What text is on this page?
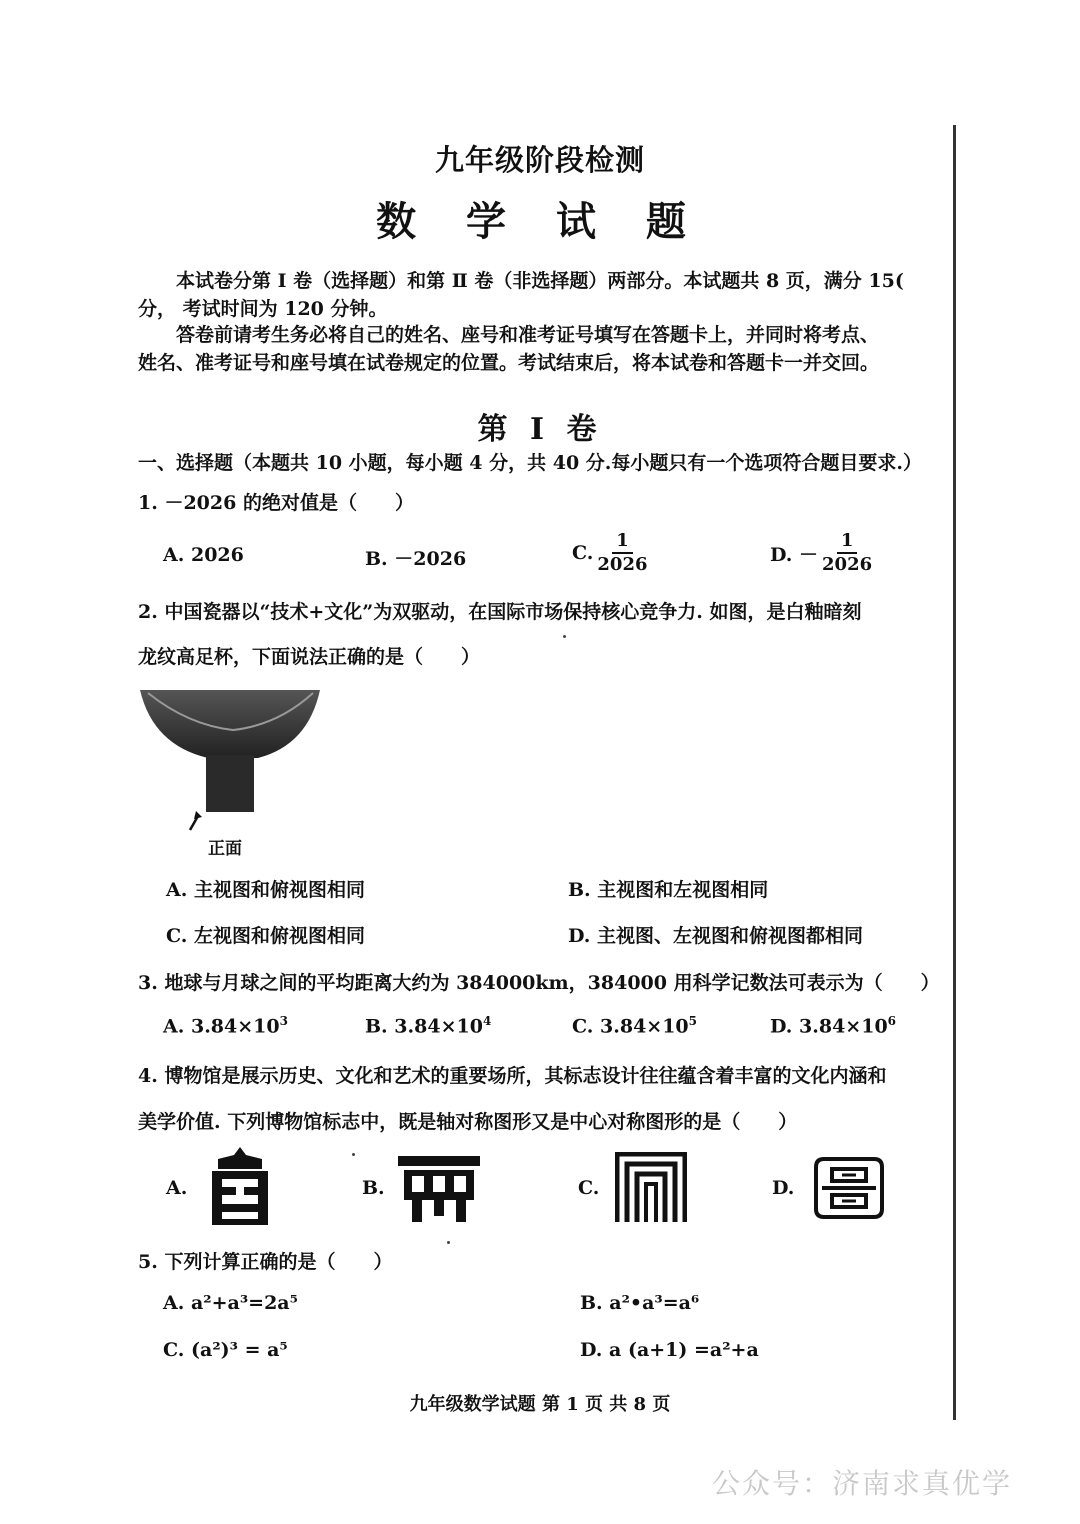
九年级阶段检测
数 学 试 题
本试卷分第 Ⅰ 卷（选择题）和第 Ⅱ 卷（非选择题）两部分。本试题共 8 页，满分 15(
分， 考试时间为 120 分钟。
答卷前请考生务必将自己的姓名、座号和准考证号填写在答题卡上，并同时将考点、
姓名、准考证号和座号填在试卷规定的位置。考试结束后，将本试卷和答题卡一并交回。
第 I 卷
一、选择题（本题共 10 小题，每小题 4 分，共 40 分.每小题只有一个选项符合题目要求.）
1. －2026 的绝对值是（　　）
A. 2026	B. －2026	C. $\frac{1}{2026}$	D. － $\frac{1}{2026}$
2. 中国瓷器以“技术+文化”为双驱动，在国际市场保持核心竞争力. 如图，是白釉暗刻
龙纹高足杯，下面说法正确的是（　　）
正面
A. 主视图和俯视图相同	B. 主视图和左视图相同
C. 左视图和俯视图相同	D. 主视图、左视图和俯视图都相同
3. 地球与月球之间的平均距离大约为 384000km，384000 用科学记数法可表示为（　　）
A. $3.84\times 10^3$	B. $3.84\times 10^4$	C. $3.84\times 10^5$	D. $3.84\times 10^6$
4. 博物馆是展示历史、文化和艺术的重要场所，其标志设计往往蕴含着丰富的文化内涵和
美学价值. 下列博物馆标志中，既是轴对称图形又是中心对称图形的是（　　）
A.	B.	C.	D.
5. 下列计算正确的是（　　）
A. a²+a³=2a⁵	B. a²•a³=a⁶
C. (a²)³ = a⁵	D. a (a+1) =a²+a
九年级数学试题 第 1 页 共 8 页
公众号：济南求真优学
